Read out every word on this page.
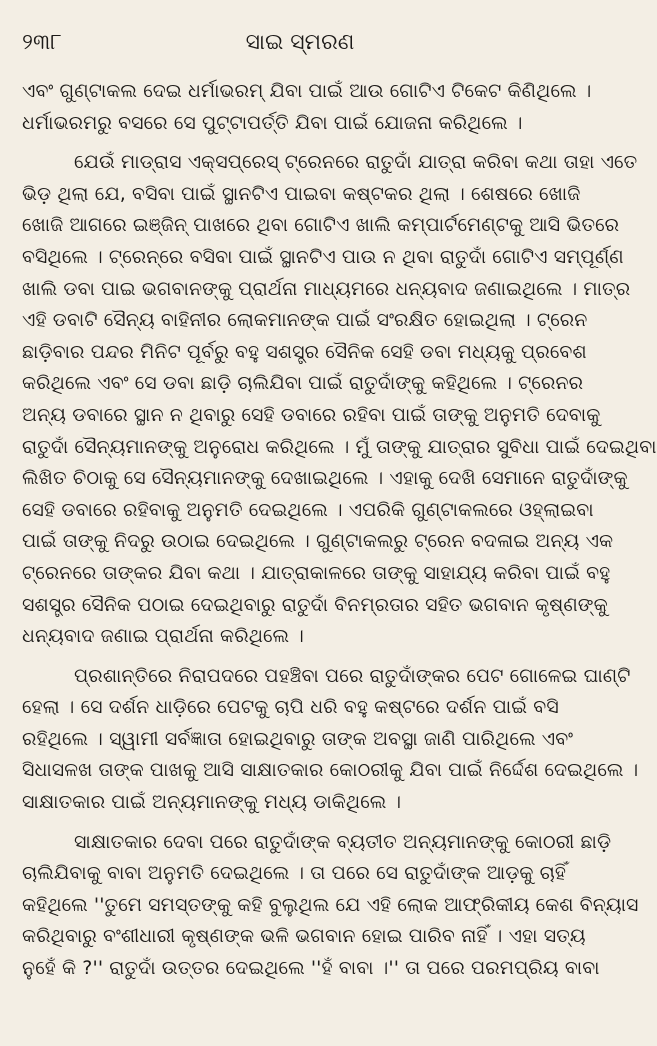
୨୩୮	ସାଇ ସ୍ମରଣ
ଏବଂ ଗୁଣ୍ଟାକଲ ଦେଇ ଧର୍ମାଭରମ୍ ଯିବା ପାଇଁ ଆଉ ଗୋଟିଏ ଟିକେଟ କିଣିଥିଲେ ।
ଧର୍ମାଭରମରୁ ବସରେ ସେ ପୁଟ୍ଟାପର୍ତ୍ତି ଯିବା ପାଇଁ ଯୋଜନା କରିଥିଲେ ।
ଯେଉଁ ମାଡ୍ରାସ ଏକ୍ସପ୍ରେସ୍ ଟ୍ରେନରେ ରାତୁଦାଁ ଯାତ୍ରା କରିବା କଥା ତାହା ଏତେ
ଭିଡ଼ ଥିଲା ଯେ, ବସିବା ପାଇଁ ସ୍ଥାନଟିଏ ପାଇବା କଷ୍ଟକର ଥିଲା । ଶେଷରେ ଖୋଜି
ଖୋଜି ଆଗରେ ଇଞ୍ଜିନ୍ ପାଖରେ ଥିବା ଗୋଟିଏ ଖାଲି କମ୍ପାର୍ଟମେଣ୍ଟକୁ ଆସି ଭିତରେ
ବସିଥିଲେ । ଟ୍ରେନ୍‌ରେ ବସିବା ପାଇଁ ସ୍ଥାନଟିଏ ପାଉ ନ ଥିବା ରାତୁଦାଁ ଗୋଟିଏ ସମ୍ପୂର୍ଣ୍ଣ
ଖାଲି ଡବା ପାଇ ଭଗବାନଙ୍କୁ ପ୍ରାର୍ଥନା ମାଧ୍ୟମରେ ଧନ୍ୟବାଦ ଜଣାଇଥିଲେ । ମାତ୍ର
ଏହି ଡବାଟି ସୈନ୍ୟ ବାହିନୀର ଲୋକମାନଙ୍କ ପାଇଁ ସଂରକ୍ଷିତ ହୋଇଥିଲା । ଟ୍ରେନ
ଛାଡ଼ିବାର ପନ୍ଦର ମିନିଟ ପୂର୍ବରୁ ବହୁ ସଶସ୍ତ୍ର ସୈନିକ ସେହି ଡବା ମଧ୍ୟକୁ ପ୍ରବେଶ
କରିଥିଲେ ଏବଂ ସେ ଡବା ଛାଡ଼ି ଚାଲିଯିବା ପାଇଁ ରାତୁଦାଁଙ୍କୁ କହିଥିଲେ । ଟ୍ରେନର
ଅନ୍ୟ ଡବାରେ ସ୍ଥାନ ନ ଥିବାରୁ ସେହି ଡବାରେ ରହିବା ପାଇଁ ତାଙ୍କୁ ଅନୁମତି ଦେବାକୁ
ରାତୁଦାଁ ସୈନ୍ୟମାନଙ୍କୁ ଅନୁରୋଧ କରିଥିଲେ । ମୁଁ ତାଙ୍କୁ ଯାତ୍ରାର ସୁବିଧା ପାଇଁ ଦେଇଥିବା
ଲିଖିତ ଚିଠାକୁ ସେ ସୈନ୍ୟମାନଙ୍କୁ ଦେଖାଇଥିଲେ । ଏହାକୁ ଦେଖି ସେମାନେ ରାତୁଦାଁଙ୍କୁ
ସେହି ଡବାରେ ରହିବାକୁ ଅନୁମତି ଦେଇଥିଲେ । ଏପରିକି ଗୁଣ୍ଟାକଲରେ ଓହ୍ଲାଇବା
ପାଇଁ ତାଙ୍କୁ ନିଦରୁ ଉଠାଇ ଦେଇଥିଲେ । ଗୁଣ୍ଟାକଲରୁ ଟ୍ରେନ ବଦଳାଇ ଅନ୍ୟ ଏକ
ଟ୍ରେନରେ ତାଙ୍କର ଯିବା କଥା । ଯାତ୍ରାକାଳରେ ତାଙ୍କୁ ସାହାଯ୍ୟ କରିବା ପାଇଁ ବହୁ
ସଶସ୍ତ୍ର ସୈନିକ ପଠାଇ ଦେଇଥିବାରୁ ରାତୁଦାଁ ବିନମ୍ରତାର ସହିତ ଭଗବାନ କୃଷ୍ଣଙ୍କୁ
ଧନ୍ୟବାଦ ଜଣାଇ ପ୍ରାର୍ଥନା କରିଥିଲେ ।
ପ୍ରଶାନ୍ତିରେ ନିରାପଦରେ ପହଞ୍ଚିବା ପରେ ରାତୁଦାଁଙ୍କର ପେଟ ଗୋଳେଇ ଘାଣ୍ଟି
ହେଲା । ସେ ଦର୍ଶନ ଧାଡ଼ିରେ ପେଟକୁ ଚାପି ଧରି ବହୁ କଷ୍ଟରେ ଦର୍ଶନ ପାଇଁ ବସି
ରହିଥିଲେ । ସ୍ୱାମୀ ସର୍ବଜ୍ଞାତା ହୋଇଥିବାରୁ ତାଙ୍କ ଅବସ୍ଥା ଜାଣି ପାରିଥିଲେ ଏବଂ
ସିଧାସଳଖ ତାଙ୍କ ପାଖକୁ ଆସି ସାକ୍ଷାତକାର କୋଠରୀକୁ ଯିବା ପାଇଁ ନିର୍ଦ୍ଦେଶ ଦେଇଥିଲେ ।
ସାକ୍ଷାତକାର ପାଇଁ ଅନ୍ୟମାନଙ୍କୁ ମଧ୍ୟ ଡାକିଥିଲେ ।
ସାକ୍ଷାତକାର ଦେବା ପରେ ରାତୁଦାଁଙ୍କ ବ୍ୟତୀତ ଅନ୍ୟମାନଙ୍କୁ କୋଠରୀ ଛାଡ଼ି
ଚାଲିଯିବାକୁ ବାବା ଅନୁମତି ଦେଇଥିଲେ । ତା ପରେ ସେ ରାତୁଦାଁଙ୍କ ଆଡ଼କୁ ଚାହିଁ
କହିଥିଲେ ''ତୁମେ ସମସ୍ତଙ୍କୁ କହି ବୁଲୁଥିଲ ଯେ ଏହି ଲୋକ ଆଫ୍ରିକୀୟ କେଶ ବିନ୍ୟାସ
କରିଥିବାରୁ ବଂଶୀଧାରୀ କୃଷ୍ଣଙ୍କ ଭଳି ଭଗବାନ ହୋଇ ପାରିବ ନାହିଁ । ଏହା ସତ୍ୟ
ନୁହେଁ କି ?'' ରାତୁଦାଁ ଉତ୍ତର ଦେଇଥିଲେ ''ହଁ ବାବା ।'' ତା ପରେ ପରମପ୍ରିୟ ବାବା
